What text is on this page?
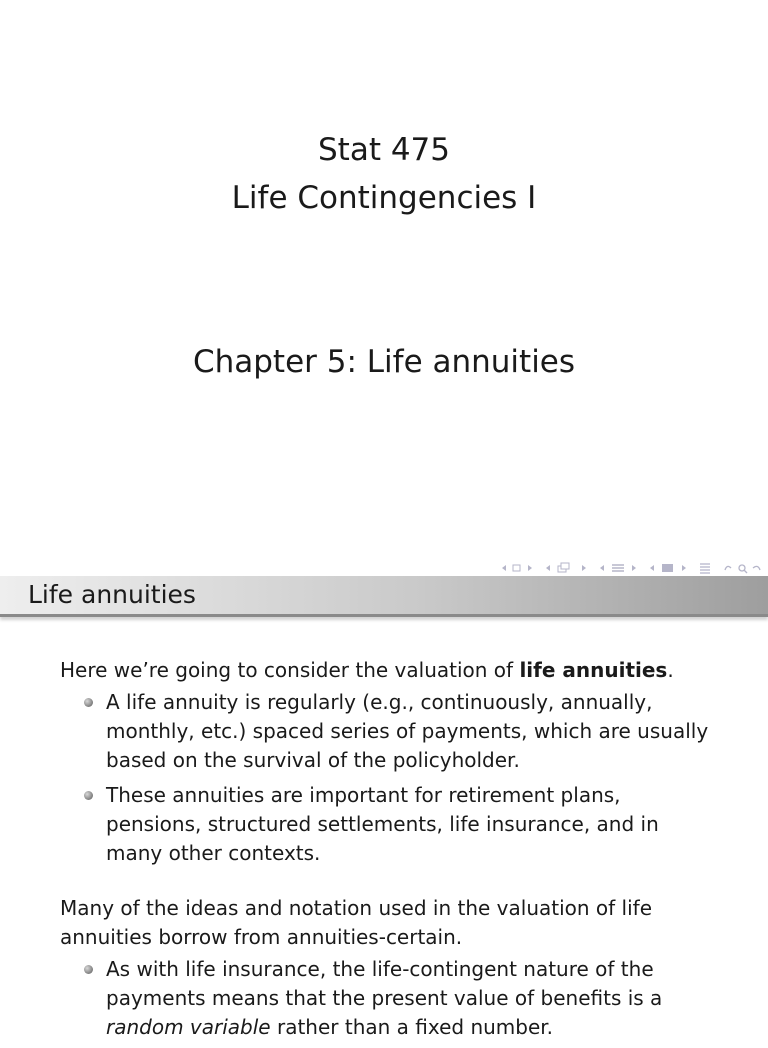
Stat 475
Life Contingencies I
Chapter 5: Life annuities
Life annuities

Here we’re going to consider the valuation of life annuities.

A life annuity is regularly (e.g., continuously, annually, monthly, etc.) spaced series of payments, which are usually based on the survival of the policyholder.
These annuities are important for retirement plans, pensions, structured settlements, life insurance, and in many other contexts.

Many of the ideas and notation used in the valuation of life annuities borrow from annuities-certain.

As with life insurance, the life-contingent nature of the payments means that the present value of benefits is a random variable rather than a fixed number.
